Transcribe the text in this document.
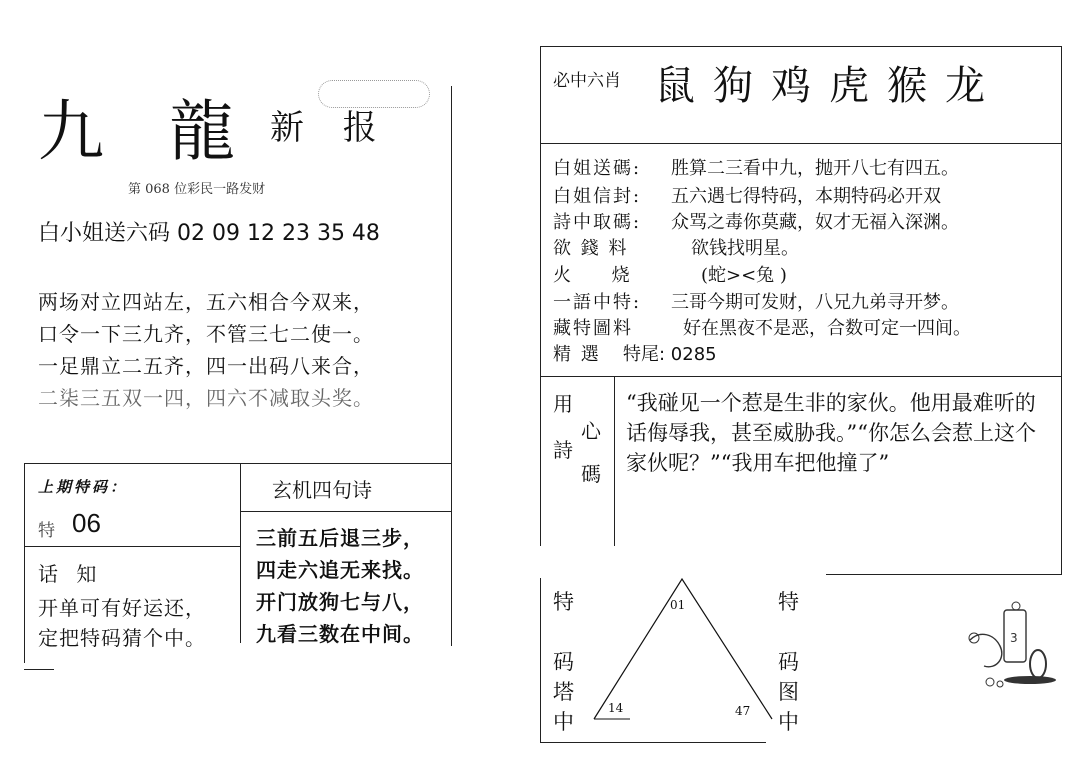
九 龍 新 报
第 068 位彩民一路发财
白小姐送六码 02 09 12 23 35 48
两场对立四站左，五六相合今双来，
口令一下三九齐，不管三七二使一。
一足鼎立二五齐，四一出码八来合，
二柒三五双一四，四六不减取头奖。
上期特码：
特 06
话 知
开单可有好运还，
定把特码猜个中。
玄机四句诗
三前五后退三步，
四走六追无来找。
开门放狗七与八，
九看三数在中间。
必中六肖 鼠狗鸡虎猴龙
白姐送碼: 胜算二三看中九，抛开八七有四五。
白姐信封: 五六遇七得特码，本期特码必开双
詩中取碼: 众骂之毒你莫藏，奴才无福入深渊。
欲 錢 料	欲钱找明星。
火     烧	(蛇><兔 )
一語中特: 三哥今期可发财，八兄九弟寻开梦。
藏特圖料	好在黑夜不是恶，合数可定一四间。
精 選 特尾: 0285
用
心
詩
碼
“我碰见一个惹是生非的家伙。他用最难听的话侮辱我，甚至威胁我。”“你怎么会惹上这个家伙呢？”“我用车把他撞了”
特
码
塔
中
特
码
图
中
01
14	47
3
